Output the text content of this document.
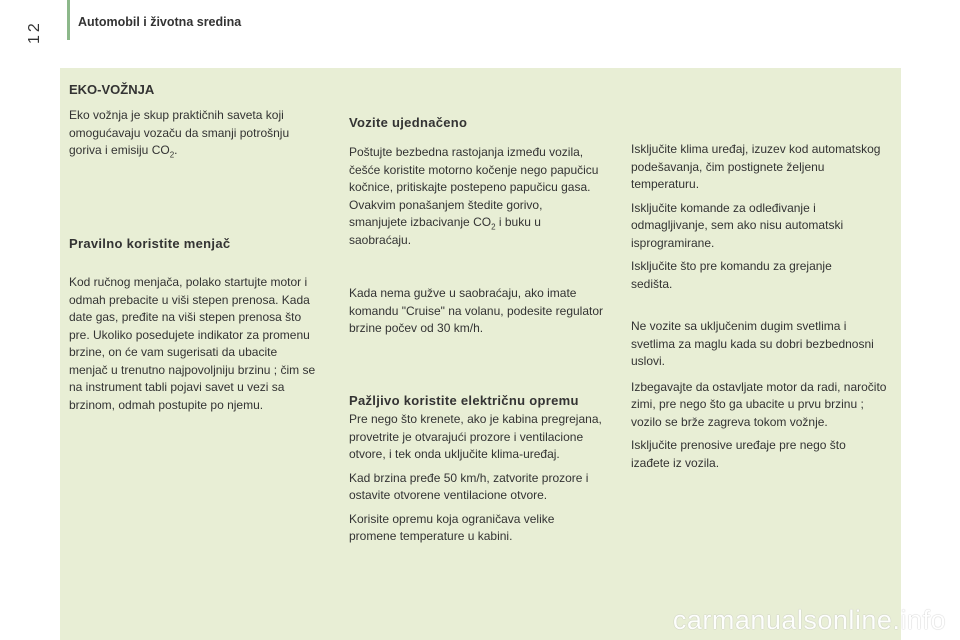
12	Automobil i životna sredina
EKO-VOŽNJA

Eko vožnja je skup praktičnih saveta koji omogućavaju vozaču da smanji potrošnju goriva i emisiju $CO_2$.

Pravilno koristite menjač

Kod ručnog menjača, polako startujte motor i odmah prebacite u viši stepen prenosa. Kada date gas, pređite na viši stepen prenosa što pre. Ukoliko posedujete indikator za promenu brzine, on će vam sugerisati da ubacite menjač u trenutno najpovoljniju brzinu ; čim se na instrument tabli pojavi savet u vezi sa brzinom, odmah postupite po njemu.

Vozite ujednačeno

Poštujte bezbedna rastojanja između vozila, češće koristite motorno kočenje nego papučicu kočnice, pritiskajte postepeno papučicu gasa. Ovakvim ponašanjem štedite gorivo, smanjujete izbacivanje $CO_2$ i buku u saobraćaju.

Kada nema gužve u saobraćaju, ako imate komandu "Cruise" na volanu, podesite regulator brzine počev od 30 km/h.

Pažljivo koristite električnu opremu

Pre nego što krenete, ako je kabina pregrejana, provetrite je otvarajući prozore i ventilacione otvore, i tek onda uključite klima-uređaj.

Kad brzina pređe 50 km/h, zatvorite prozore i ostavite otvorene ventilacione otvore.

Korisite opremu koja ograničava velike promene temperature u kabini.

Isključite klima uređaj, izuzev kod automatskog podešavanja, čim postignete željenu temperaturu.

Isključite komande za odleđivanje i odmagljivanje, sem ako nisu automatski isprogramirane.

Isključite što pre komandu za grejanje sedišta.

Ne vozite sa uključenim dugim svetlima i svetlima za maglu kada su dobri bezbednosni uslovi.

Izbegavajte da ostavljate motor da radi, naročito zimi, pre nego što ga ubacite u prvu brzinu ; vozilo se brže zagreva tokom vožnje.

Isključite prenosive uređaje pre nego što izađete iz vozila.

carmanualsonline.info
